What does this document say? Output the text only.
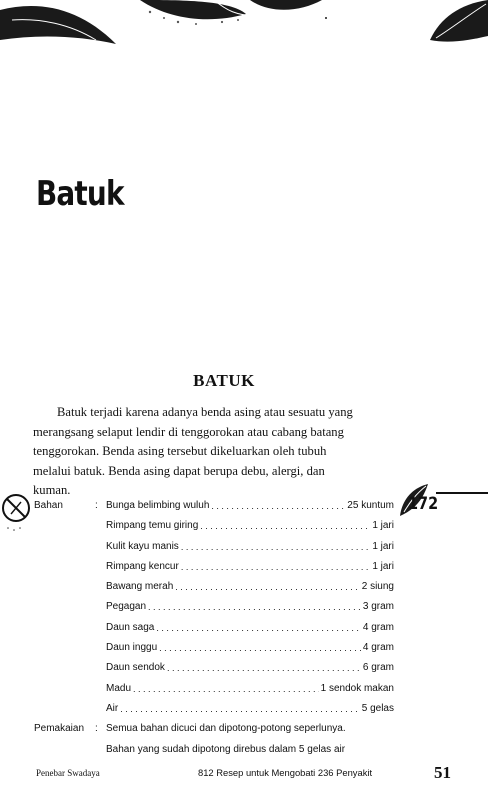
Batuk
BATUK

Batuk terjadi karena adanya benda asing atau sesuatu yang merangsang selaput lendir di tenggorokan atau cabang batang tenggorokan. Benda asing tersebut dikeluarkan oleh tubuh melalui batuk. Benda asing dapat berupa debu, alergi, dan kuman.

172
Bahan	: Bunga belimbing wuluh . . .	25 kuntum
Rimpang temu giring . . .	1 jari
Kulit kayu manis . . .	1 jari
Rimpang kencur . . .	1 jari
Bawang merah . . .	2 siung
Pegagan . . .	3 gram
Daun saga . . .	4 gram
Daun inggu . . .	4 gram
Daun sendok . . .	6 gram
Madu . . .	1 sendok makan
Air . . .	5 gelas
Pemakaian : Semua bahan dicuci dan dipotong-potong seperlunya.
Bahan yang sudah dipotong direbus dalam 5 gelas air
Penebar Swadaya	812 Resep untuk Mengobati 236 Penyakit	51
